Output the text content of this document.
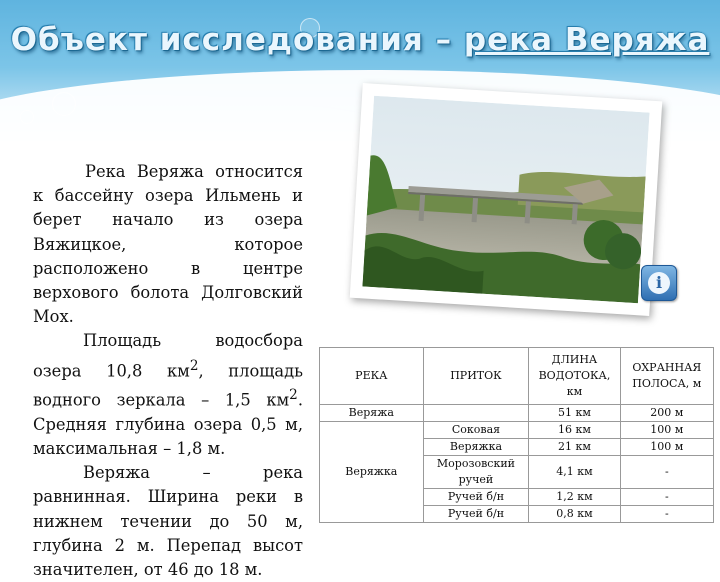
Объект исследования – река Веряжа
i

Река Веряжа относится к бассейну озера Ильмень и берет начало из озера Вяжицкое, которое расположено в центре верхового болота Долговский Мох.

Площадь водосбора озера 10,8 $км^2$, площадь водного зеркала – 1,5 $км^2$. Средняя глубина озера 0,5 м, максимальная – 1,8 м.

Веряжа – река равнинная. Ширина реки в нижнем течении до 50 м, глубина 2 м. Перепад высот значителен, от 46 до 18 м.

РЕКА	ПРИТОК	ДЛИНА ВОДОТОКА, км	ОХРАННАЯ ПОЛОСА, м
Веряжа		51 км	200 м
Веряжка	Соковая	16 км	100 м
	Веряжка	21 км	100 м
	Морозовский ручей	4,1 км	-
	Ручей б/н	1,2 км	-
	Ручей б/н	0,8 км	-
